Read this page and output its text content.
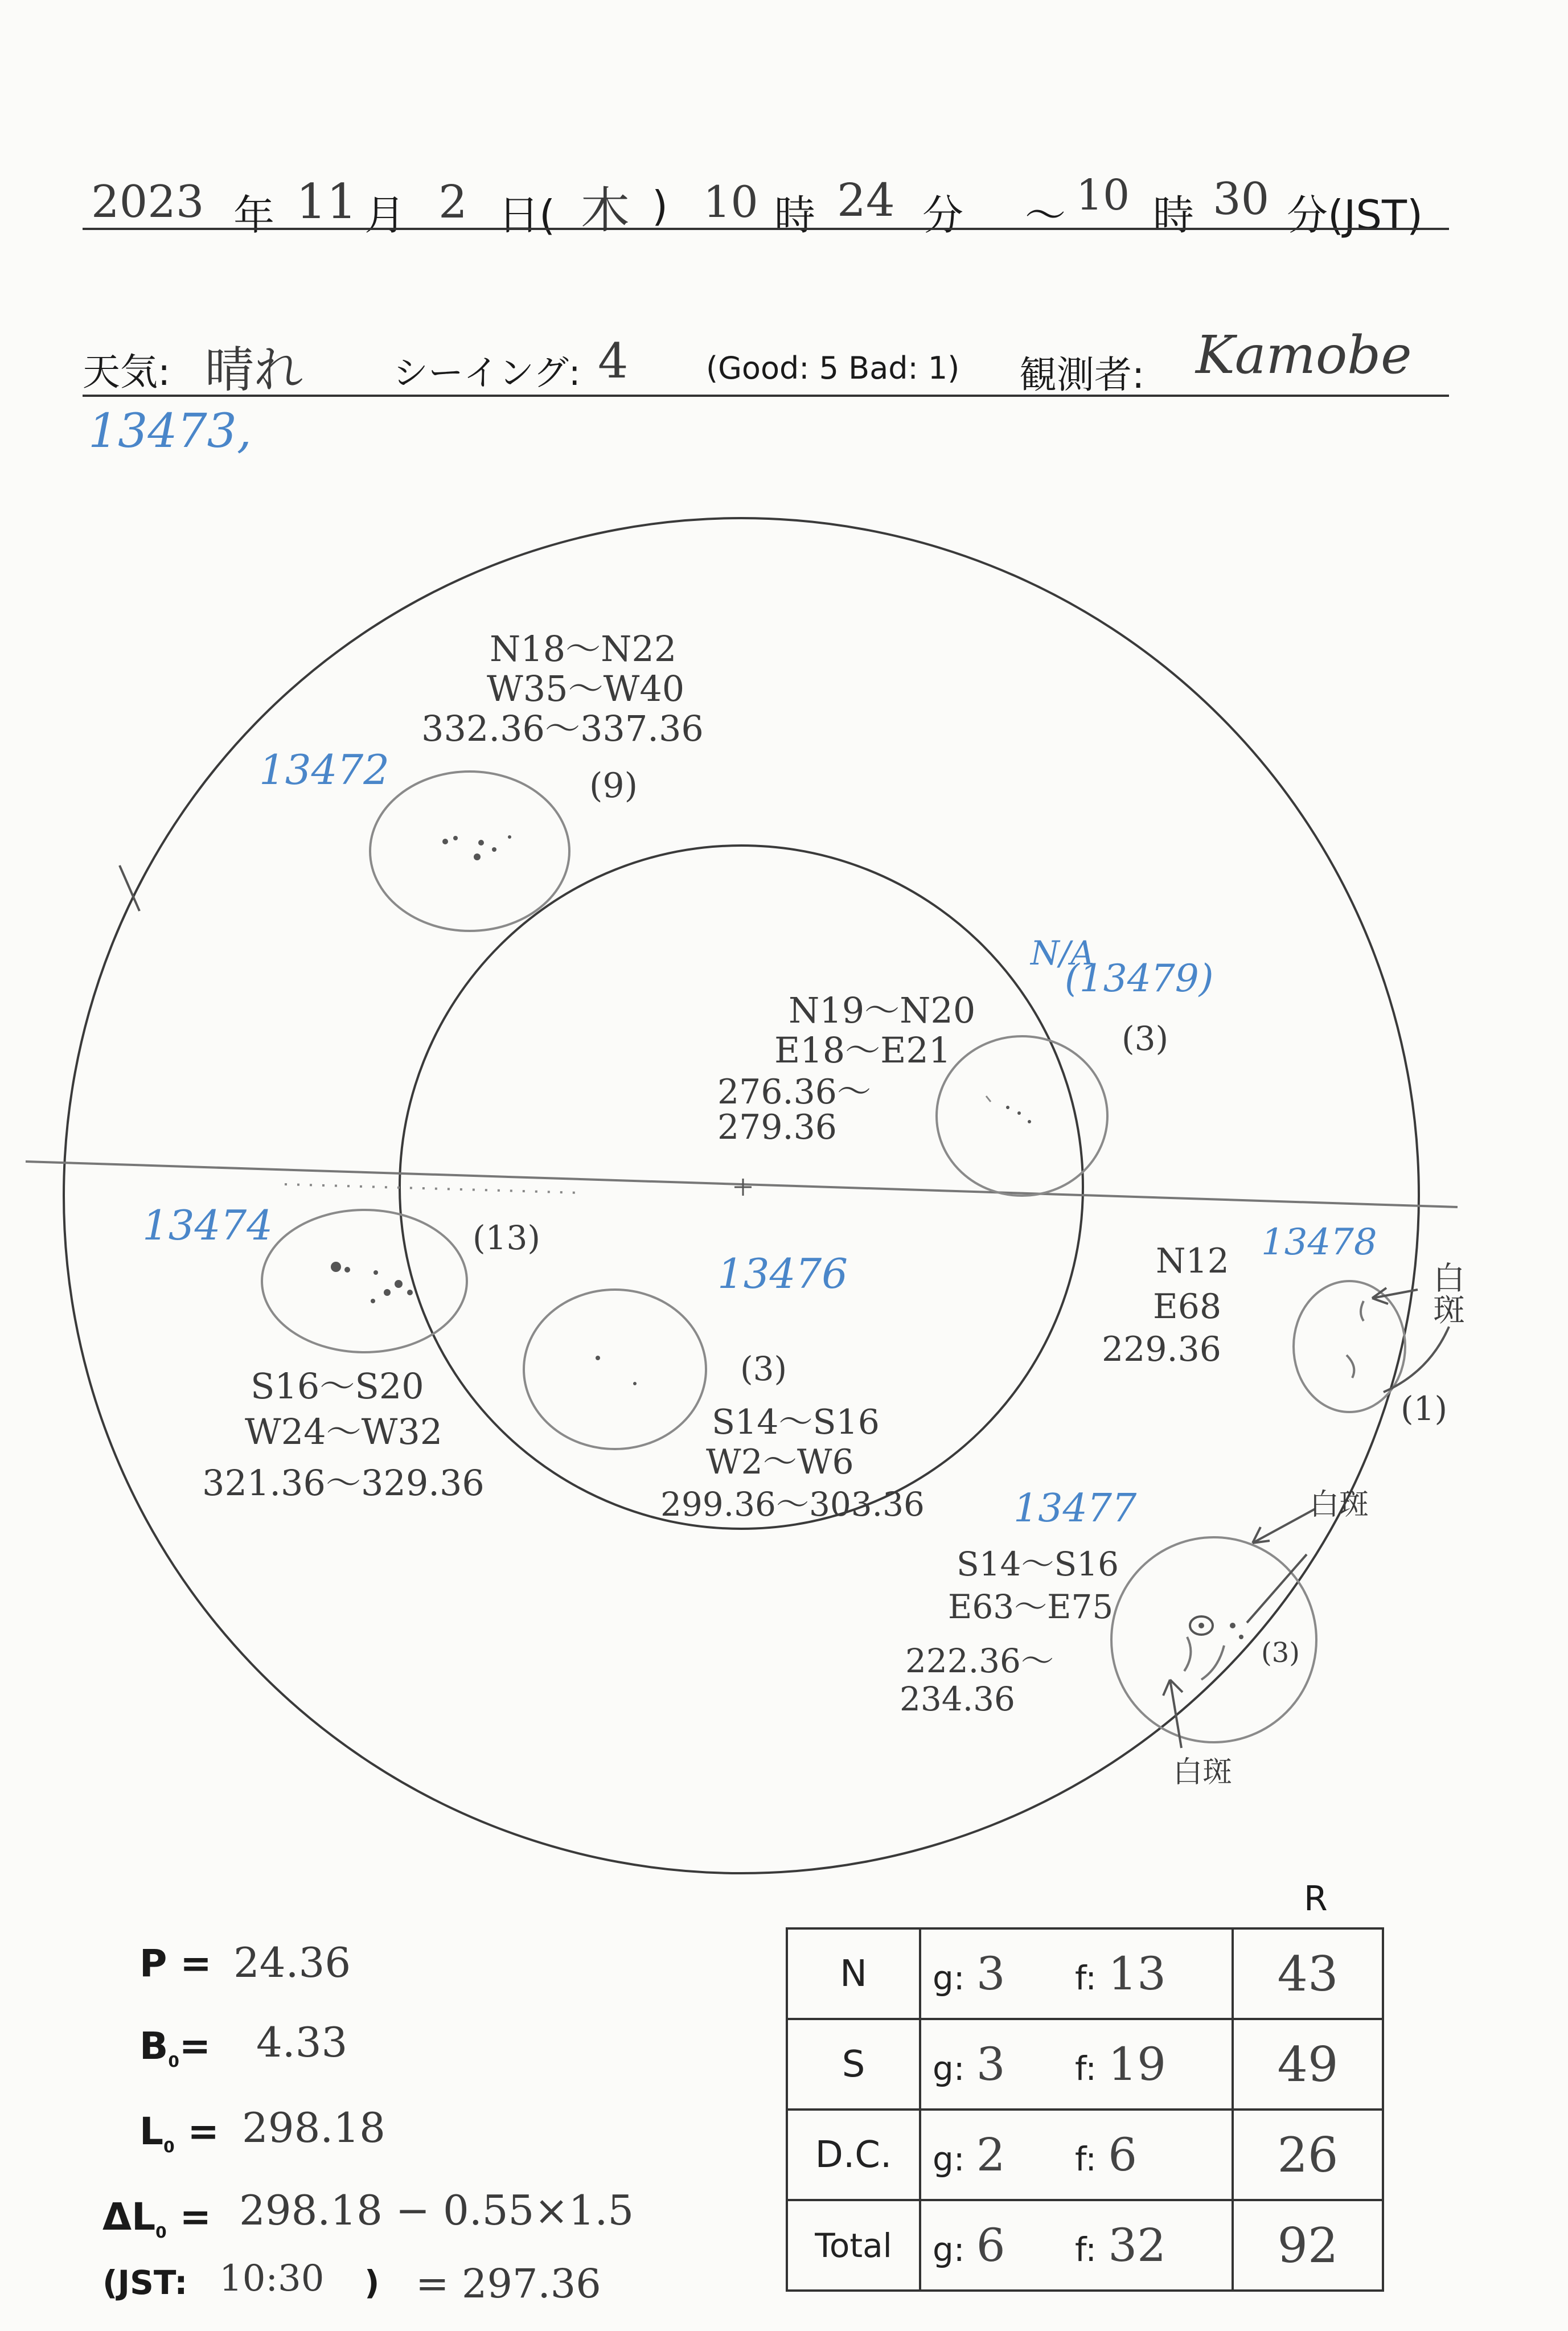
2023 年 11 月 2 日( 木 ) 10 時 24 分 ～ 10 時 30 分(JST)
天気: 晴れ	シーイング: 4	(Good: 5 Bad: 1) 観測者: Kamobe
13473,
13472
N18～N22
W35～W40
332.36～337.36
(9)
N/A
(13479)
N19～N20
E18～E21
276.36～
279.36
(3)
13474	(13)
S16～S20
W24～W32
321.36～329.36
13476
(3)
S14～S16
W2～W6
299.36～303.36
13478
N12
E68
229.36
(1)
白斑
13477
S14～S16
E63～E75
222.36～
234.36
(3)
白斑
白斑
P = 24.36
$B_0= 4.33$
$L_0 = 298.18$
$\Delta L_0 = 298.18 - 0.55\times 1.5$
(JST: 10:30 ) = 297.36
R
N	g: 3 f: 13	43
S	g: 3 f: 19	49
D.C.	g: 2 f: 6	26
Total	g: 6 f: 32	92
